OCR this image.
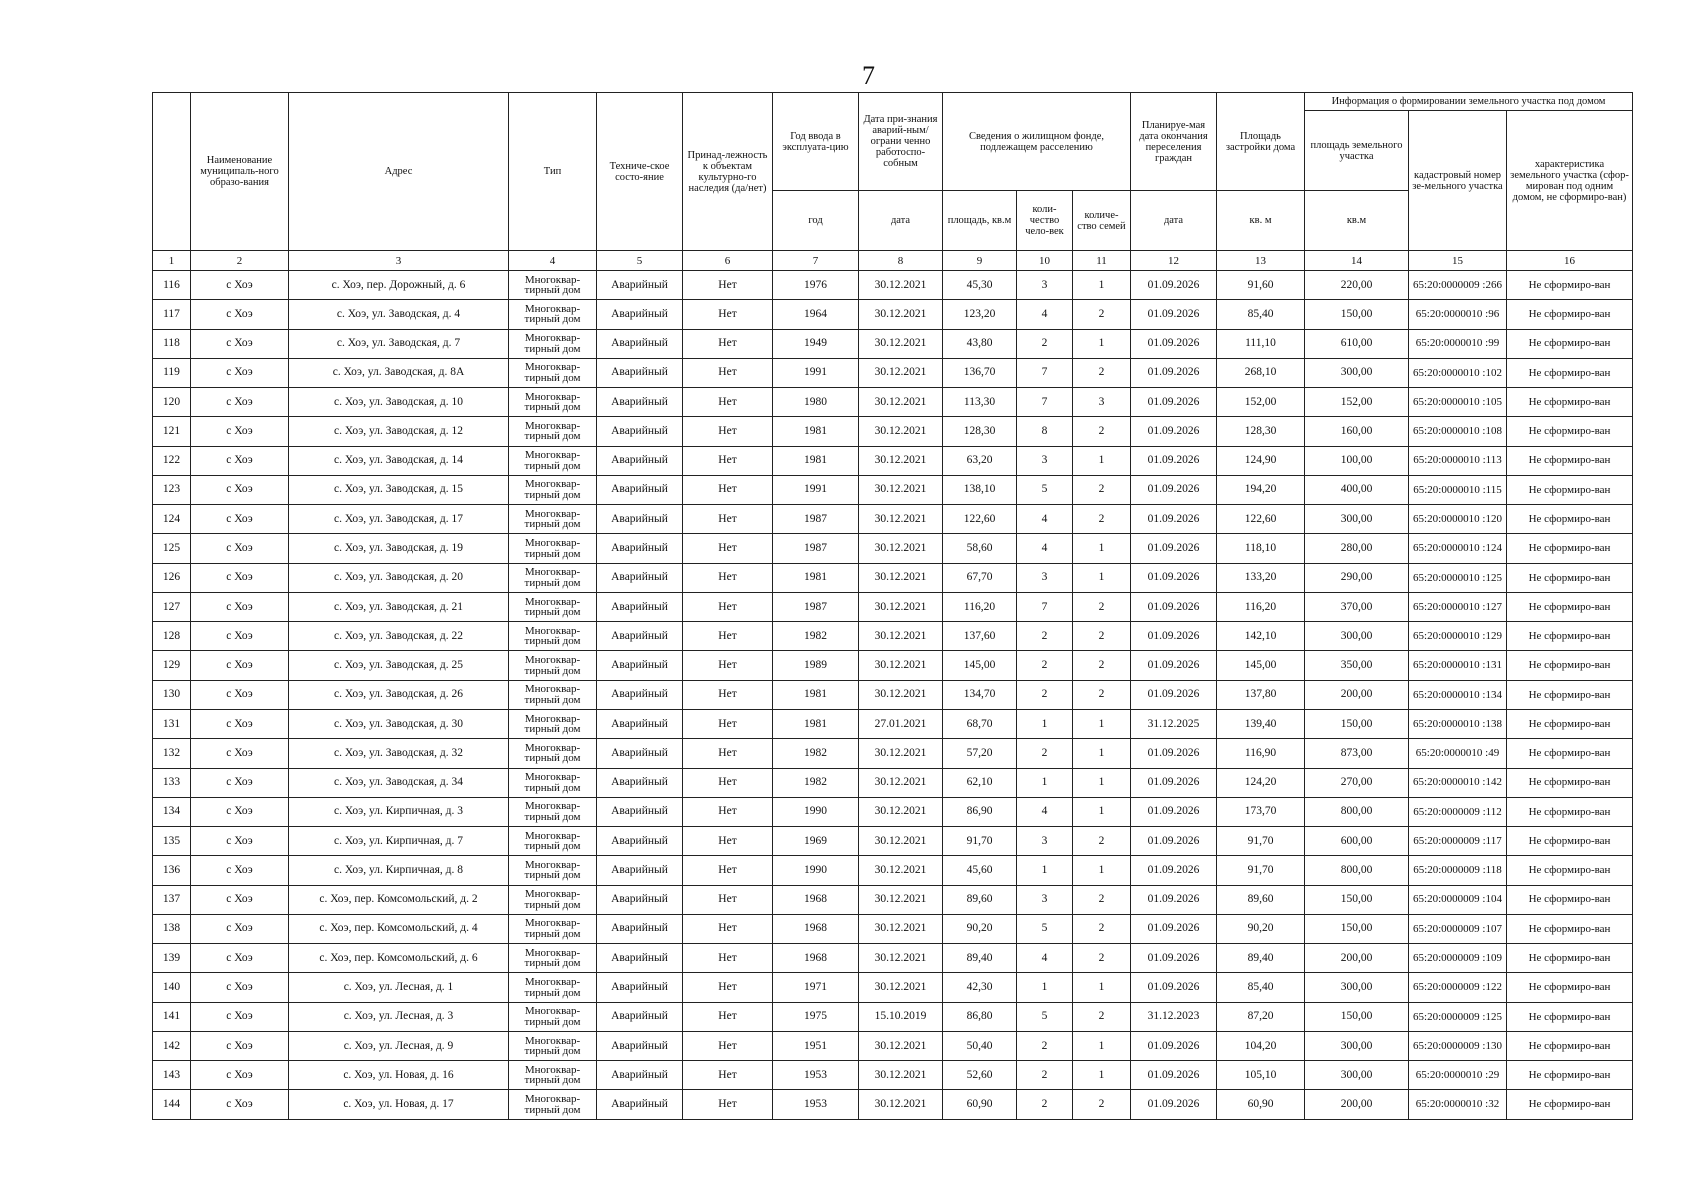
7
	Наименование муниципаль-ного образо-вания	Адрес	Тип	Техниче-ское состо-яние	Принад-лежность к объектам культурно-го наследия (да/нет)	Год ввода в эксплуата-цию	Дата при-знания аварий-ным/ограни ченно работоспо-собным	Сведения о жилищном фонде, подлежащем расселению			Планируе-мая дата окончания переселения граждан	Площадь застройки дома	Информация о формировании земельного участка под домом		
													площадь земельного участка	кадастровый номер зе-мельного участка	характеристика земельного участка (сфор-мирован под одним домом, не сформиро-ван)
						год	дата	площадь, кв.м	коли-чество чело-век	количе-ство семей	дата	кв. м	кв.м		
1	2	3	4	5	6	7	8	9	10	11	12	13	14	15	16
116	с Хоэ	с. Хоэ, пер. Дорожный, д. 6	Многоквар-тирный дом	Аварийный	Нет	1976	30.12.2021	45,30	3	1	01.09.2026	91,60	220,00	65:20:0000009 :266	Не сформиро-ван
117	с Хоэ	с. Хоэ, ул. Заводская, д. 4	Многоквар-тирный дом	Аварийный	Нет	1964	30.12.2021	123,20	4	2	01.09.2026	85,40	150,00	65:20:0000010 :96	Не сформиро-ван
118	с Хоэ	с. Хоэ, ул. Заводская, д. 7	Многоквар-тирный дом	Аварийный	Нет	1949	30.12.2021	43,80	2	1	01.09.2026	111,10	610,00	65:20:0000010 :99	Не сформиро-ван
119	с Хоэ	с. Хоэ, ул. Заводская, д. 8А	Многоквар-тирный дом	Аварийный	Нет	1991	30.12.2021	136,70	7	2	01.09.2026	268,10	300,00	65:20:0000010 :102	Не сформиро-ван
120	с Хоэ	с. Хоэ, ул. Заводская, д. 10	Многоквар-тирный дом	Аварийный	Нет	1980	30.12.2021	113,30	7	3	01.09.2026	152,00	152,00	65:20:0000010 :105	Не сформиро-ван
121	с Хоэ	с. Хоэ, ул. Заводская, д. 12	Многоквар-тирный дом	Аварийный	Нет	1981	30.12.2021	128,30	8	2	01.09.2026	128,30	160,00	65:20:0000010 :108	Не сформиро-ван
122	с Хоэ	с. Хоэ, ул. Заводская, д. 14	Многоквар-тирный дом	Аварийный	Нет	1981	30.12.2021	63,20	3	1	01.09.2026	124,90	100,00	65:20:0000010 :113	Не сформиро-ван
123	с Хоэ	с. Хоэ, ул. Заводская, д. 15	Многоквар-тирный дом	Аварийный	Нет	1991	30.12.2021	138,10	5	2	01.09.2026	194,20	400,00	65:20:0000010 :115	Не сформиро-ван
124	с Хоэ	с. Хоэ, ул. Заводская, д. 17	Многоквар-тирный дом	Аварийный	Нет	1987	30.12.2021	122,60	4	2	01.09.2026	122,60	300,00	65:20:0000010 :120	Не сформиро-ван
125	с Хоэ	с. Хоэ, ул. Заводская, д. 19	Многоквар-тирный дом	Аварийный	Нет	1987	30.12.2021	58,60	4	1	01.09.2026	118,10	280,00	65:20:0000010 :124	Не сформиро-ван
126	с Хоэ	с. Хоэ, ул. Заводская, д. 20	Многоквар-тирный дом	Аварийный	Нет	1981	30.12.2021	67,70	3	1	01.09.2026	133,20	290,00	65:20:0000010 :125	Не сформиро-ван
127	с Хоэ	с. Хоэ, ул. Заводская, д. 21	Многоквар-тирный дом	Аварийный	Нет	1987	30.12.2021	116,20	7	2	01.09.2026	116,20	370,00	65:20:0000010 :127	Не сформиро-ван
128	с Хоэ	с. Хоэ, ул. Заводская, д. 22	Многоквар-тирный дом	Аварийный	Нет	1982	30.12.2021	137,60	2	2	01.09.2026	142,10	300,00	65:20:0000010 :129	Не сформиро-ван
129	с Хоэ	с. Хоэ, ул. Заводская, д. 25	Многоквар-тирный дом	Аварийный	Нет	1989	30.12.2021	145,00	2	2	01.09.2026	145,00	350,00	65:20:0000010 :131	Не сформиро-ван
130	с Хоэ	с. Хоэ, ул. Заводская, д. 26	Многоквар-тирный дом	Аварийный	Нет	1981	30.12.2021	134,70	2	2	01.09.2026	137,80	200,00	65:20:0000010 :134	Не сформиро-ван
131	с Хоэ	с. Хоэ, ул. Заводская, д. 30	Многоквар-тирный дом	Аварийный	Нет	1981	27.01.2021	68,70	1	1	31.12.2025	139,40	150,00	65:20:0000010 :138	Не сформиро-ван
132	с Хоэ	с. Хоэ, ул. Заводская, д. 32	Многоквар-тирный дом	Аварийный	Нет	1982	30.12.2021	57,20	2	1	01.09.2026	116,90	873,00	65:20:0000010 :49	Не сформиро-ван
133	с Хоэ	с. Хоэ, ул. Заводская, д. 34	Многоквар-тирный дом	Аварийный	Нет	1982	30.12.2021	62,10	1	1	01.09.2026	124,20	270,00	65:20:0000010 :142	Не сформиро-ван
134	с Хоэ	с. Хоэ, ул. Кирпичная, д. 3	Многоквар-тирный дом	Аварийный	Нет	1990	30.12.2021	86,90	4	1	01.09.2026	173,70	800,00	65:20:0000009 :112	Не сформиро-ван
135	с Хоэ	с. Хоэ, ул. Кирпичная, д. 7	Многоквар-тирный дом	Аварийный	Нет	1969	30.12.2021	91,70	3	2	01.09.2026	91,70	600,00	65:20:0000009 :117	Не сформиро-ван
136	с Хоэ	с. Хоэ, ул. Кирпичная, д. 8	Многоквар-тирный дом	Аварийный	Нет	1990	30.12.2021	45,60	1	1	01.09.2026	91,70	800,00	65:20:0000009 :118	Не сформиро-ван
137	с Хоэ	с. Хоэ, пер. Комсомольский, д. 2	Многоквар-тирный дом	Аварийный	Нет	1968	30.12.2021	89,60	3	2	01.09.2026	89,60	150,00	65:20:0000009 :104	Не сформиро-ван
138	с Хоэ	с. Хоэ, пер. Комсомольский, д. 4	Многоквар-тирный дом	Аварийный	Нет	1968	30.12.2021	90,20	5	2	01.09.2026	90,20	150,00	65:20:0000009 :107	Не сформиро-ван
139	с Хоэ	с. Хоэ, пер. Комсомольский, д. 6	Многоквар-тирный дом	Аварийный	Нет	1968	30.12.2021	89,40	4	2	01.09.2026	89,40	200,00	65:20:0000009 :109	Не сформиро-ван
140	с Хоэ	с. Хоэ, ул. Лесная, д. 1	Многоквар-тирный дом	Аварийный	Нет	1971	30.12.2021	42,30	1	1	01.09.2026	85,40	300,00	65:20:0000009 :122	Не сформиро-ван
141	с Хоэ	с. Хоэ, ул. Лесная, д. 3	Многоквар-тирный дом	Аварийный	Нет	1975	15.10.2019	86,80	5	2	31.12.2023	87,20	150,00	65:20:0000009 :125	Не сформиро-ван
142	с Хоэ	с. Хоэ, ул. Лесная, д. 9	Многоквар-тирный дом	Аварийный	Нет	1951	30.12.2021	50,40	2	1	01.09.2026	104,20	300,00	65:20:0000009 :130	Не сформиро-ван
143	с Хоэ	с. Хоэ, ул. Новая, д. 16	Многоквар-тирный дом	Аварийный	Нет	1953	30.12.2021	52,60	2	1	01.09.2026	105,10	300,00	65:20:0000010 :29	Не сформиро-ван
144	с Хоэ	с. Хоэ, ул. Новая, д. 17	Многоквар-тирный дом	Аварийный	Нет	1953	30.12.2021	60,90	2	2	01.09.2026	60,90	200,00	65:20:0000010 :32	Не сформиро-ван
